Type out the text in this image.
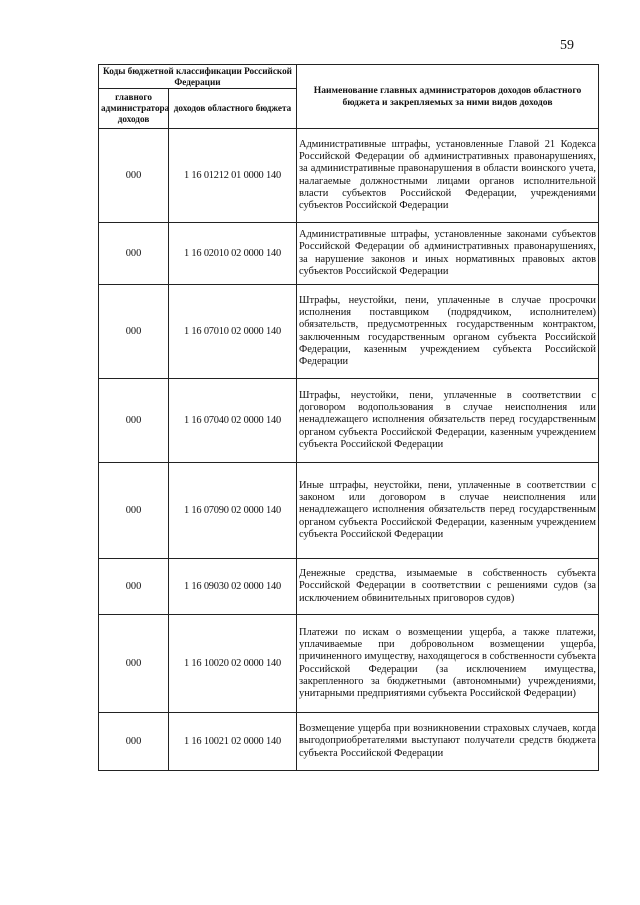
59
Коды бюджетной классификации Российской Федерации		Наименование главных администраторов доходов областного бюджета и закрепляемых за ними видов доходов
главного администратора доходов	доходов областного бюджета	
000	1 16 01212 01 0000 140	Административные штрафы, установленные Главой 21 Кодекса Российской Федерации об административных правонарушениях, за административные правонарушения в области воинского учета, налагаемые должностными лицами органов исполнительной власти субъектов Российской Федерации, учреждениями субъектов Российской Федерации
000	1 16 02010 02 0000 140	Административные штрафы, установленные законами субъектов Российской Федерации об административных правонарушениях, за нарушение законов и иных нормативных правовых актов субъектов Российской Федерации
000	1 16 07010 02 0000 140	Штрафы, неустойки, пени, уплаченные в случае просрочки исполнения поставщиком (подрядчиком, исполнителем) обязательств, предусмотренных государственным контрактом, заключенным государственным органом субъекта Российской Федерации, казенным учреждением субъекта Российской Федерации
000	1 16 07040 02 0000 140	Штрафы, неустойки, пени, уплаченные в соответствии с договором водопользования в случае неисполнения или ненадлежащего исполнения обязательств перед государственным органом субъекта Российской Федерации, казенным учреждением субъекта Российской Федерации
000	1 16 07090 02 0000 140	Иные штрафы, неустойки, пени, уплаченные в соответствии с законом или договором в случае неисполнения или ненадлежащего исполнения обязательств перед государственным органом субъекта Российской Федерации, казенным учреждением субъекта Российской Федерации
000	1 16 09030 02 0000 140	Денежные средства, изымаемые в собственность субъекта Российской Федерации в соответствии с решениями судов (за исключением обвинительных приговоров судов)
000	1 16 10020 02 0000 140	Платежи по искам о возмещении ущерба, а также платежи, уплачиваемые при добровольном возмещении ущерба, причиненного имуществу, находящегося в собственности субъекта Российской Федерации (за исключением имущества, закрепленного за бюджетными (автономными) учреждениями, унитарными предприятиями субъекта Российской Федерации)
000	1 16 10021 02 0000 140	Возмещение ущерба при возникновении страховых случаев, когда выгодоприобретателями выступают получатели средств бюджета субъекта Российской Федерации
